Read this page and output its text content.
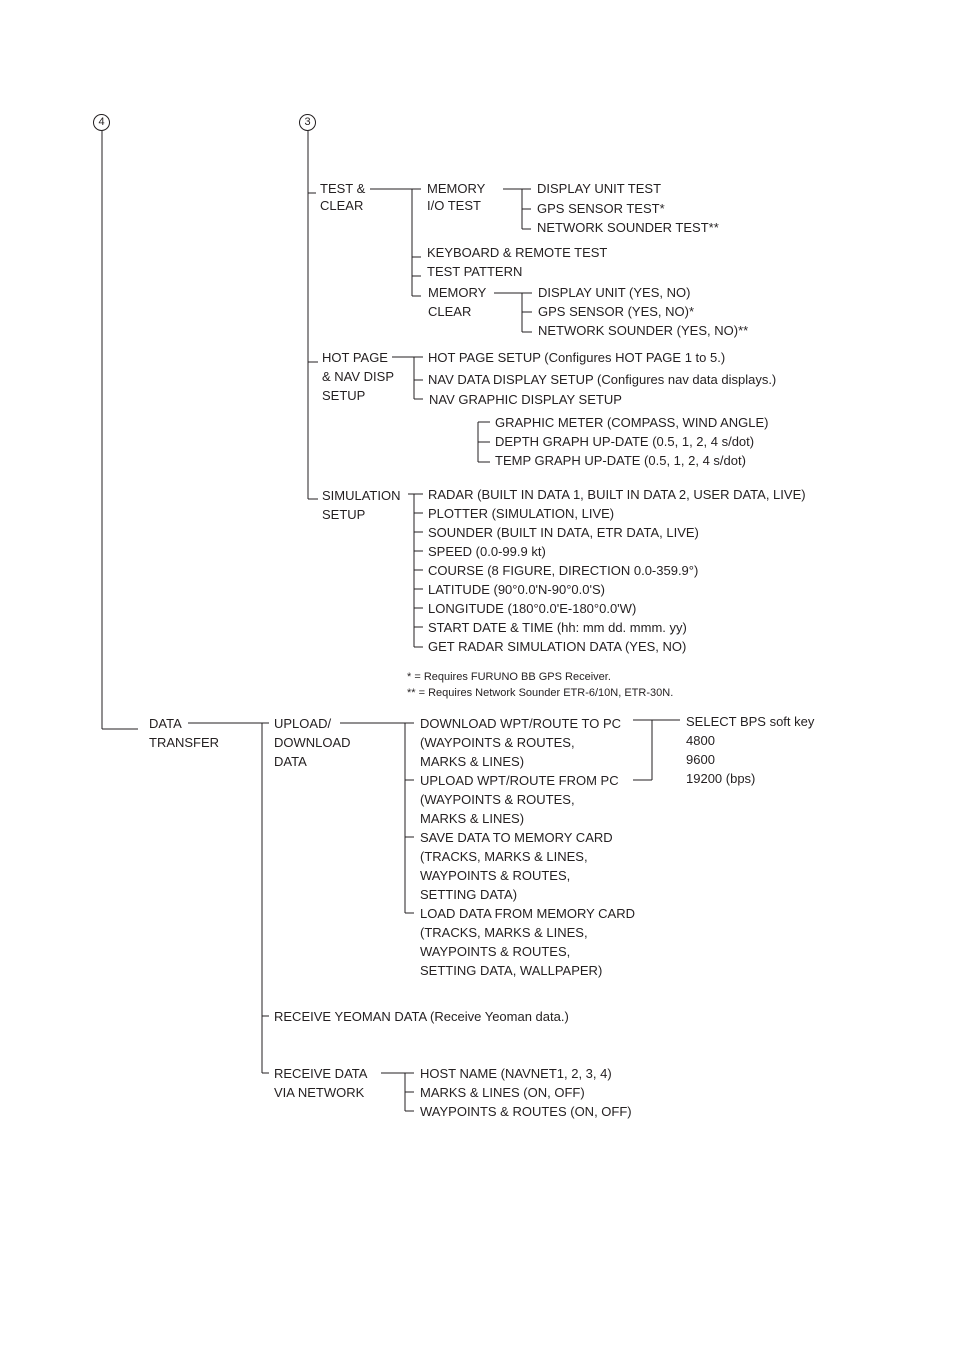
4	3
TEST &
CLEAR
MEMORY
I/O TEST
DISPLAY UNIT TEST
GPS SENSOR TEST*
NETWORK SOUNDER TEST**
KEYBOARD & REMOTE TEST
TEST PATTERN
MEMORY
CLEAR
DISPLAY UNIT (YES, NO)
GPS SENSOR (YES, NO)*
NETWORK SOUNDER (YES, NO)**
HOT PAGE
& NAV DISP
SETUP
HOT PAGE SETUP (Configures HOT PAGE 1 to 5.)
NAV DATA DISPLAY SETUP (Configures nav data displays.)
NAV GRAPHIC DISPLAY SETUP
GRAPHIC METER (COMPASS, WIND ANGLE)
DEPTH GRAPH UP-DATE (0.5, 1, 2, 4 s/dot)
TEMP GRAPH UP-DATE (0.5, 1, 2, 4 s/dot)
SIMULATION
SETUP
RADAR (BUILT IN DATA 1, BUILT IN DATA 2, USER DATA, LIVE)
PLOTTER (SIMULATION, LIVE)
SOUNDER (BUILT IN DATA, ETR DATA, LIVE)
SPEED (0.0-99.9 kt)
COURSE (8 FIGURE, DIRECTION 0.0-359.9°)
LATITUDE (90°0.0'N-90°0.0'S)
LONGITUDE (180°0.0'E-180°0.0'W)
START DATE & TIME (hh: mm dd. mmm. yy)
GET RADAR SIMULATION DATA (YES, NO)
* = Requires FURUNO BB GPS Receiver.
** = Requires Network Sounder ETR-6/10N, ETR-30N.
DATA
TRANSFER
UPLOAD/
DOWNLOAD
DATA
DOWNLOAD WPT/ROUTE TO PC
(WAYPOINTS & ROUTES,
MARKS & LINES)
UPLOAD WPT/ROUTE FROM PC
(WAYPOINTS & ROUTES,
MARKS & LINES)
SAVE DATA TO MEMORY CARD
(TRACKS, MARKS & LINES,
WAYPOINTS & ROUTES,
SETTING DATA)
LOAD DATA FROM MEMORY CARD
(TRACKS, MARKS & LINES,
WAYPOINTS & ROUTES,
SETTING DATA, WALLPAPER)
SELECT BPS soft key
4800
9600
19200 (bps)
RECEIVE YEOMAN DATA (Receive Yeoman data.)
RECEIVE DATA
VIA NETWORK
HOST NAME (NAVNET1, 2, 3, 4)
MARKS & LINES (ON, OFF)
WAYPOINTS & ROUTES (ON, OFF)
